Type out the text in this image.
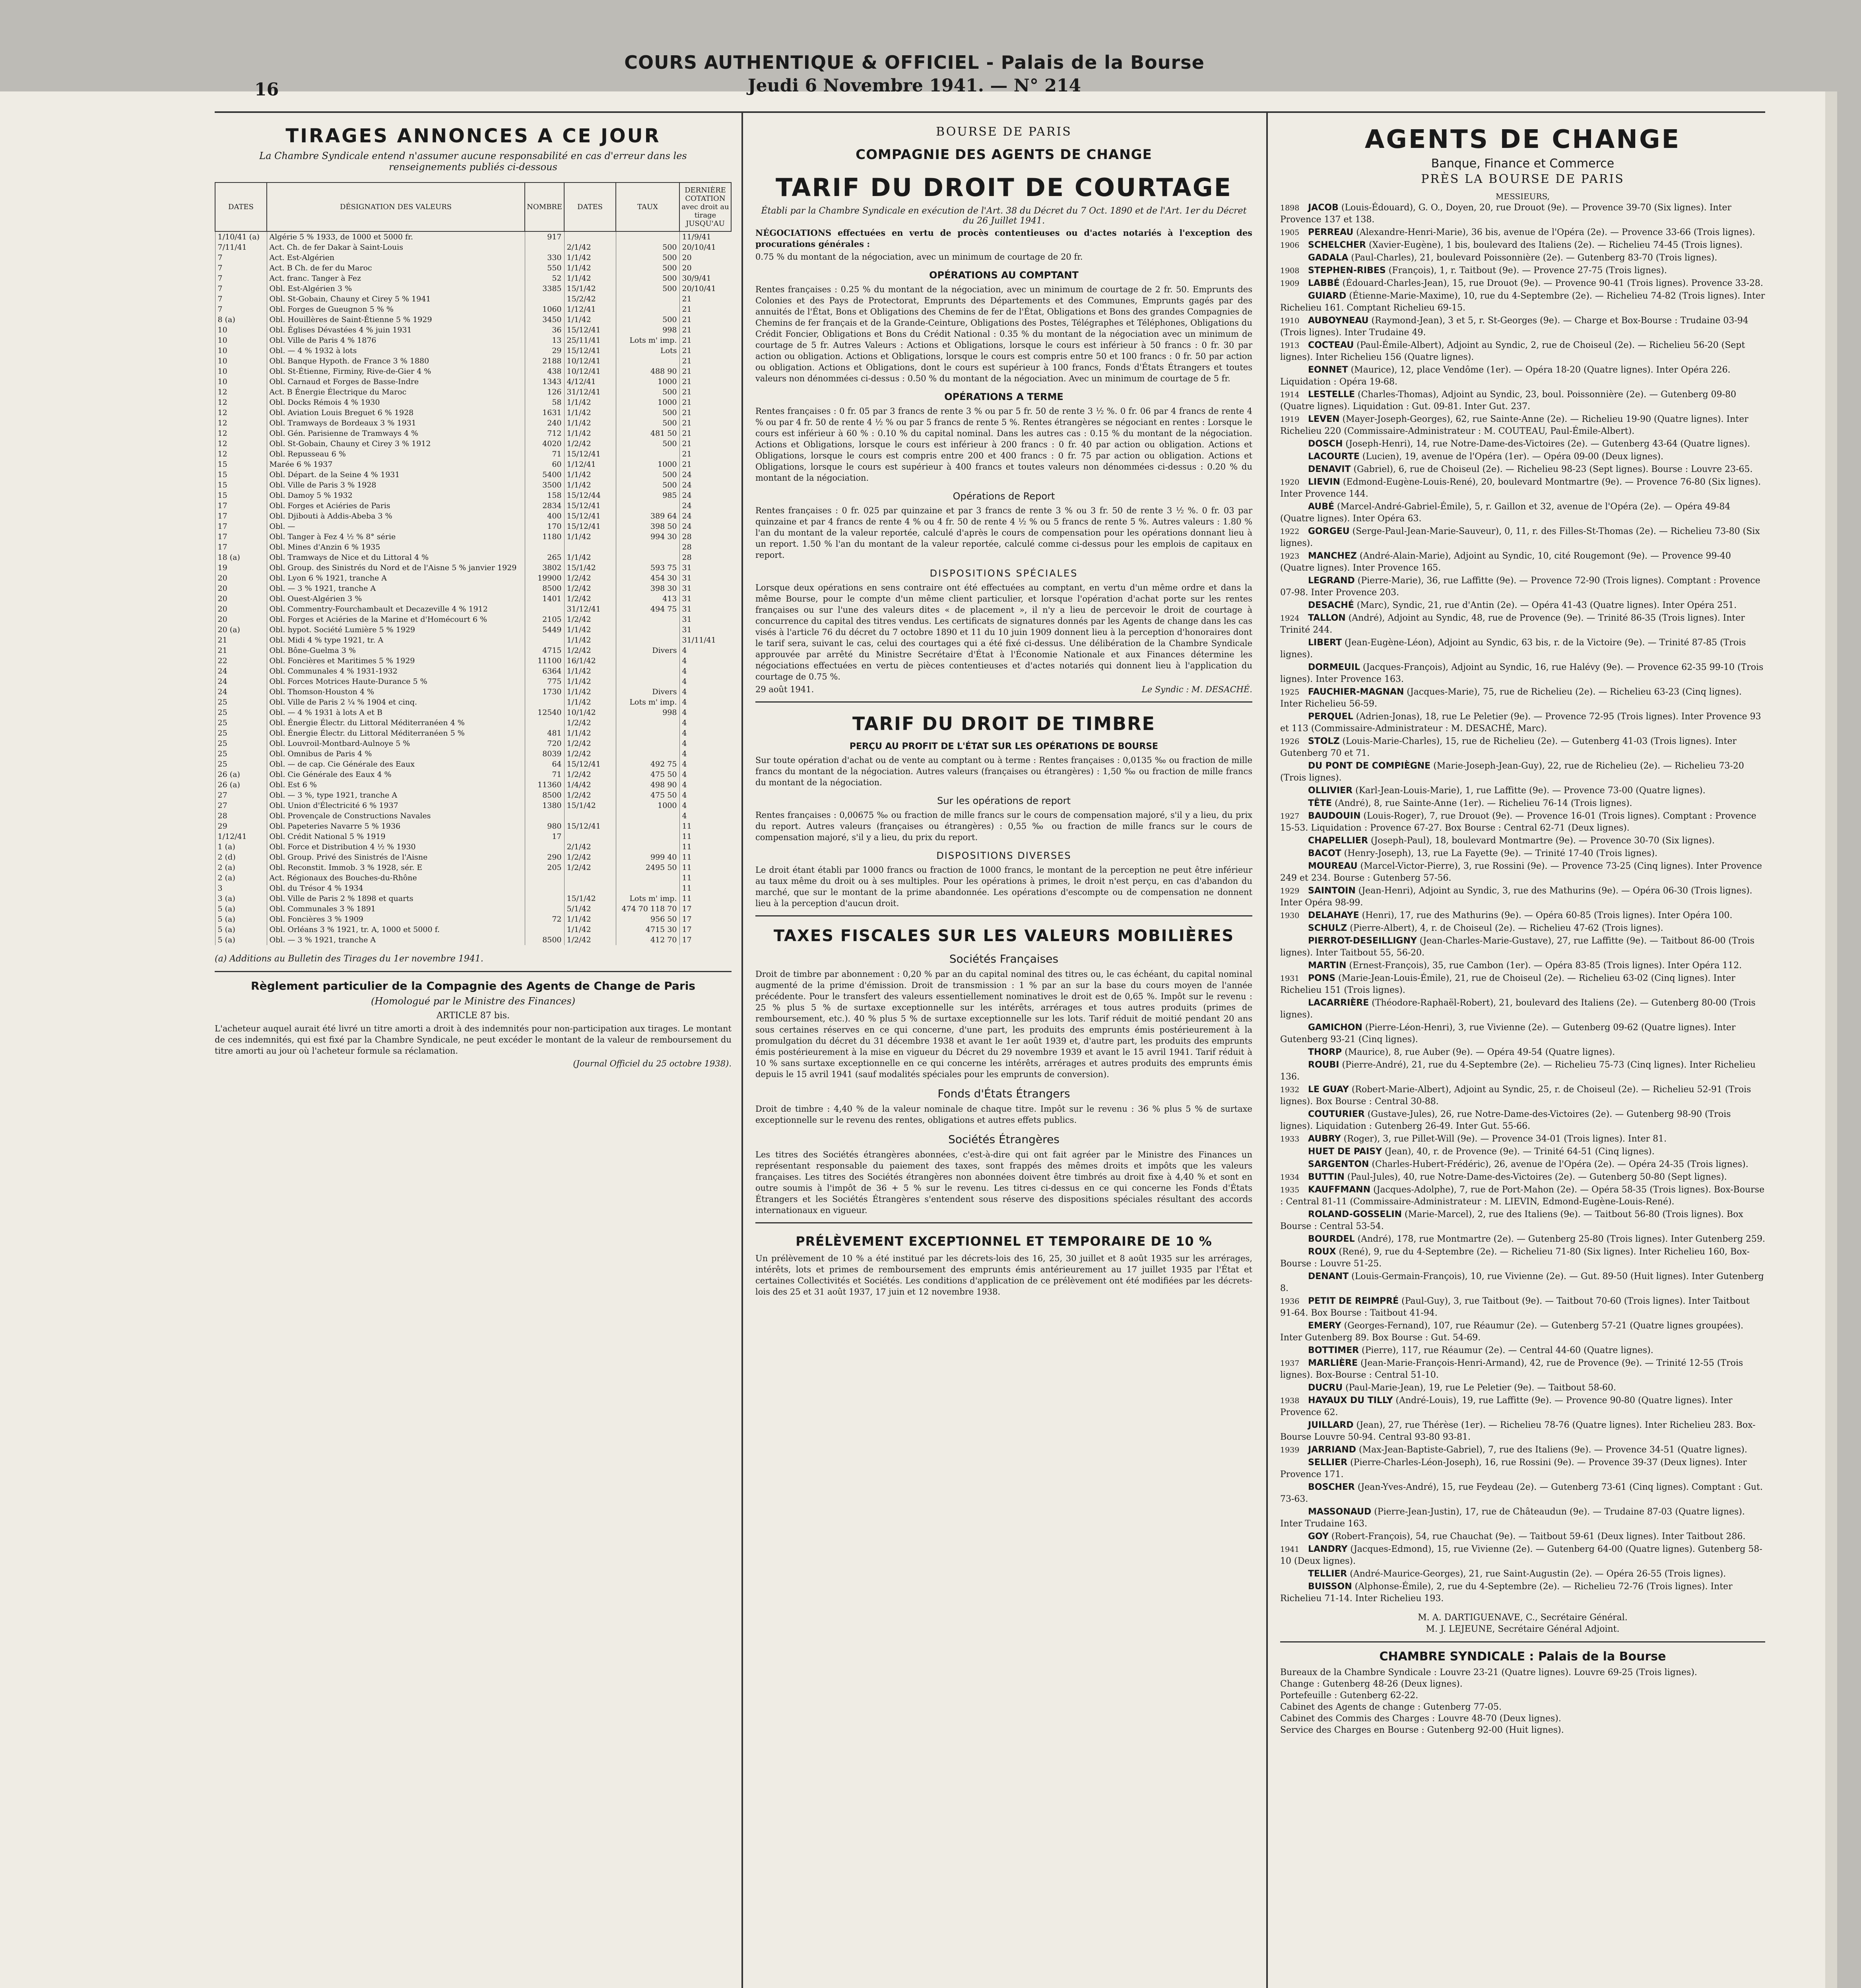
COURS AUTHENTIQUE & OFFICIEL - Palais de la Bourse
Jeudi 6 Novembre 1941. — N° 214
16
TIRAGES ANNONCES A CE JOUR
La Chambre Syndicale entend n'assumer aucune responsabilité en cas d'erreur dans les renseignements publiés ci-dessous
DATES	DÉSIGNATION DES VALEURS	NOMBRE	DATES	TAUX	DERNIÈRE COTATION avec droit au tirage JUSQU'AU
1/10/41 (a)	Algérie 5 % 1933, de 1000 et 5000 fr.	917			11/9/41
7/11/41	Act. Ch. de fer Dakar à Saint-Louis		2/1/42	500	20/10/41
7	Act. Est-Algérien	330	1/1/42	500	20
7	Act. B Ch. de fer du Maroc	550	1/1/42	500	20
7	Act. franc. Tanger à Fez	52	1/1/42	500	30/9/41
7	Obl. Est-Algérien 3 %	3385	15/1/42	500	20/10/41
7	Obl. St-Gobain, Chauny et Cirey 5 % 1941		15/2/42		21
7	Obl. Forges de Gueugnon 5 % %	1060	1/12/41		21
8 (a)	Obl. Houillères de Saint-Étienne 5 % 1929	3450	1/1/42	500	21
10	Obl. Églises Dévastées 4 % juin 1931	36	15/12/41	998	21
10	Obl. Ville de Paris 4 % 1876	13	25/11/41	Lots m' imp.	21
10	Obl. — 4 % 1932 à lots	29	15/12/41	Lots	21
10	Obl. Banque Hypoth. de France 3 % 1880	2188	10/12/41		21
10	Obl. St-Étienne, Firminy, Rive-de-Gier 4 %	438	10/12/41	488 90	21
10	Obl. Carnaud et Forges de Basse-Indre	1343	4/12/41	1000	21
12	Act. B Énergie Électrique du Maroc	126	31/12/41	500	21
12	Obl. Docks Rémois 4 % 1930	58	1/1/42	1000	21
12	Obl. Aviation Louis Breguet 6 % 1928	1631	1/1/42	500	21
12	Obl. Tramways de Bordeaux 3 % 1931	240	1/1/42	500	21
12	Obl. Gén. Parisienne de Tramways 4 %	712	1/1/42	481 50	21
12	Obl. St-Gobain, Chauny et Cirey 3 % 1912	4020	1/2/42	500	21
12	Obl. Repusseau 6 %	71	15/12/41		21
15	Marée 6 % 1937	60	1/12/41	1000	21
15	Obl. Départ. de la Seine 4 % 1931	5400	1/1/42	500	24
15	Obl. Ville de Paris 3 % 1928	3500	1/1/42	500	24
15	Obl. Damoy 5 % 1932	158	15/12/44	985	24
17	Obl. Forges et Aciéries de Paris	2834	15/12/41		24
17	Obl. Djibouti à Addis-Abeba 3 %	400	15/12/41	389 64	24
17	Obl. —	170	15/12/41	398 50	24
17	Obl. Tanger à Fez 4 ½ % 8° série	1180	1/1/42	994 30	28
17	Obl. Mines d'Anzin 6 % 1935				28
18 (a)	Obl. Tramways de Nice et du Littoral 4 %	265	1/1/42		28
19	Obl. Group. des Sinistrés du Nord et de l'Aisne 5 % janvier 1929	3802	15/1/42	593 75	31
20	Obl. Lyon 6 % 1921, tranche A	19900	1/2/42	454 30	31
20	Obl. — 3 % 1921, tranche A	8500	1/2/42	398 30	31
20	Obl. Ouest-Algérien 3 %	1401	1/2/42	413	31
20	Obl. Commentry-Fourchambault et Decazeville 4 % 1912		31/12/41	494 75	31
20	Obl. Forges et Aciéries de la Marine et d'Homécourt 6 %	2105	1/2/42		31
20 (a)	Obl. hypot. Société Lumière 5 % 1929	5449	1/1/42		31
21	Obl. Midi 4 % type 1921, tr. A		1/1/42		31/11/41
21	Obl. Bône-Guelma 3 %	4715	1/2/42	Divers	4
22	Obl. Foncières et Maritimes 5 % 1929	11100	16/1/42		4
24	Obl. Communales 4 % 1931-1932	6364	1/1/42		4
24	Obl. Forces Motrices Haute-Durance 5 %	775	1/1/42		4
24	Obl. Thomson-Houston 4 %	1730	1/1/42	Divers	4
25	Obl. Ville de Paris 2 ¼ % 1904 et cinq.		1/1/42	Lots m' imp.	4
25	Obl. — 4 % 1931 à lots A et B	12540	10/1/42	998	4
25	Obl. Énergie Électr. du Littoral Méditerranéen 4 %		1/2/42		4
25	Obl. Énergie Électr. du Littoral Méditerranéen 5 %	481	1/1/42		4
25	Obl. Louvroil-Montbard-Aulnoye 5 %	720	1/2/42		4
25	Obl. Omnibus de Paris 4 %	8039	1/2/42		4
25	Obl. — de cap. Cie Générale des Eaux	64	15/12/41	492 75	4
26 (a)	Obl. Cie Générale des Eaux 4 %	71	1/2/42	475 50	4
26 (a)	Obl. Est 6 %	11360	1/4/42	498 90	4
27	Obl. — 3 %, type 1921, tranche A	8500	1/2/42	475 50	4
27	Obl. Union d'Électricité 6 % 1937	1380	15/1/42	1000	4
28	Obl. Provençale de Constructions Navales				4
29	Obl. Papeteries Navarre 5 % 1936	980	15/12/41		11
1/12/41	Obl. Crédit National 5 % 1919	17			11
1 (a)	Obl. Force et Distribution 4 ½ % 1930		2/1/42		11
2 (d)	Obl. Group. Privé des Sinistrés de l'Aisne	290	1/2/42	999 40	11
2 (a)	Obl. Reconstit. Immob. 3 % 1928, sér. E	205	1/2/42	2495 50	11
2 (a)	Act. Régionaux des Bouches-du-Rhône				11
3	Obl. du Trésor 4 % 1934				11
3 (a)	Obl. Ville de Paris 2 % 1898 et quarts		15/1/42	Lots m' imp.	11
5 (a)	Obl. Communales 3 % 1891		5/1/42	474 70 118 70	17
5 (a)	Obl. Foncières 3 % 1909	72	1/1/42	956 50	17
5 (a)	Obl. Orléans 3 % 1921, tr. A, 1000 et 5000 f.		1/1/42	4715 30	17
5 (a)	Obl. — 3 % 1921, tranche A	8500	1/2/42	412 70	17
(a) Additions au Bulletin des Tirages du 1er novembre 1941.
Règlement particulier de la Compagnie des Agents de Change de Paris
(Homologué par le Ministre des Finances)
ARTICLE 87 bis.
L'acheteur auquel aurait été livré un titre amorti a droit à des indemnités pour non-participation aux tirages. Le montant de ces indemnités, qui est fixé par la Chambre Syndicale, ne peut excéder le montant de la valeur de remboursement du titre amorti au jour où l'acheteur formule sa réclamation.
(Journal Officiel du 25 octobre 1938).
BOURSE DE PARIS
COMPAGNIE DES AGENTS DE CHANGE
TARIF DU DROIT DE COURTAGE
Établi par la Chambre Syndicale en exécution de l'Art. 38 du Décret du 7 Oct. 1890 et de l'Art. 1er du Décret du 26 Juillet 1941.
NÉGOCIATIONS effectuées en vertu de procès contentieuses ou d'actes notariés à l'exception des procurations générales :
0.75 % du montant de la négociation, avec un minimum de courtage de 20 fr.
OPÉRATIONS AU COMPTANT
Rentes françaises : 0.25 % du montant de la négociation, avec un minimum de courtage de 2 fr. 50. Emprunts des Colonies et des Pays de Protectorat, Emprunts des Départements et des Communes, Emprunts gagés par des annuités de l'État, Bons et Obligations des Chemins de fer de l'État, Obligations et Bons des grandes Compagnies de Chemins de fer français et de la Grande-Ceinture, Obligations des Postes, Télégraphes et Téléphones, Obligations du Crédit Foncier, Obligations et Bons du Crédit National : 0.35 % du montant de la négociation avec un minimum de courtage de 5 fr. Autres Valeurs : Actions et Obligations, lorsque le cours est inférieur à 50 francs : 0 fr. 30 par action ou obligation. Actions et Obligations, lorsque le cours est compris entre 50 et 100 francs : 0 fr. 50 par action ou obligation. Actions et Obligations, dont le cours est supérieur à 100 francs, Fonds d'États Étrangers et toutes valeurs non dénommées ci-dessus : 0.50 % du montant de la négociation. Avec un minimum de courtage de 5 fr.
OPÉRATIONS A TERME
Rentes françaises : 0 fr. 05 par 3 francs de rente 3 % ou par 5 fr. 50 de rente 3 ½ %. 0 fr. 06 par 4 francs de rente 4 % ou par 4 fr. 50 de rente 4 ½ % ou par 5 francs de rente 5 %. Rentes étrangères se négociant en rentes : Lorsque le cours est inférieur à 60 % : 0.10 % du capital nominal. Dans les autres cas : 0.15 % du montant de la négociation. Actions et Obligations, lorsque le cours est inférieur à 200 francs : 0 fr. 40 par action ou obligation. Actions et Obligations, lorsque le cours est compris entre 200 et 400 francs : 0 fr. 75 par action ou obligation. Actions et Obligations, lorsque le cours est supérieur à 400 francs et toutes valeurs non dénommées ci-dessus : 0.20 % du montant de la négociation.
Opérations de Report
Rentes françaises : 0 fr. 025 par quinzaine et par 3 francs de rente 3 % ou 3 fr. 50 de rente 3 ½ %. 0 fr. 03 par quinzaine et par 4 francs de rente 4 % ou 4 fr. 50 de rente 4 ½ % ou 5 francs de rente 5 %. Autres valeurs : 1.80 % l'an du montant de la valeur reportée, calculé d'après le cours de compensation pour les opérations donnant lieu à un report. 1.50 % l'an du montant de la valeur reportée, calculé comme ci-dessus pour les emplois de capitaux en report.
DISPOSITIONS SPÉCIALES
Lorsque deux opérations en sens contraire ont été effectuées au comptant, en vertu d'un même ordre et dans la même Bourse, pour le compte d'un même client particulier, et lorsque l'opération d'achat porte sur les rentes françaises ou sur l'une des valeurs dites « de placement », il n'y a lieu de percevoir le droit de courtage à concurrence du capital des titres vendus. Les certificats de signatures donnés par les Agents de change dans les cas visés à l'article 76 du décret du 7 octobre 1890 et 11 du 10 juin 1909 donnent lieu à la perception d'honoraires dont le tarif sera, suivant le cas, celui des courtages qui a été fixé ci-dessus. Une délibération de la Chambre Syndicale approuvée par arrêté du Ministre Secrétaire d'État à l'Économie Nationale et aux Finances détermine les négociations effectuées en vertu de pièces contentieuses et d'actes notariés qui donnent lieu à l'application du courtage de 0.75 %.
29 août 1941.	Le Syndic : M. DESACHÉ.
TARIF DU DROIT DE TIMBRE
PERÇU AU PROFIT DE L'ÉTAT SUR LES OPÉRATIONS DE BOURSE
Sur toute opération d'achat ou de vente au comptant ou à terme : Rentes françaises : 0,0135 ‰ ou fraction de mille francs du montant de la négociation. Autres valeurs (françaises ou étrangères) : 1,50 ‰ ou fraction de mille francs du montant de la négociation.
Sur les opérations de report
Rentes françaises : 0,00675 ‰ ou fraction de mille francs sur le cours de compensation majoré, s'il y a lieu, du prix du report. Autres valeurs (françaises ou étrangères) : 0,55 ‰ ou fraction de mille francs sur le cours de compensation majoré, s'il y a lieu, du prix du report.
DISPOSITIONS DIVERSES
Le droit étant établi par 1000 francs ou fraction de 1000 francs, le montant de la perception ne peut être inférieur au taux même du droit ou à ses multiples. Pour les opérations à primes, le droit n'est perçu, en cas d'abandon du marché, que sur le montant de la prime abandonnée. Les opérations d'escompte ou de compensation ne donnent lieu à la perception d'aucun droit.
TAXES FISCALES SUR LES VALEURS MOBILIÈRES
Sociétés Françaises
Droit de timbre par abonnement : 0,20 % par an du capital nominal des titres ou, le cas échéant, du capital nominal augmenté de la prime d'émission. Droit de transmission : 1 % par an sur la base du cours moyen de l'année précédente. Pour le transfert des valeurs essentiellement nominatives le droit est de 0,65 %. Impôt sur le revenu : 25 % plus 5 % de surtaxe exceptionnelle sur les intérêts, arrérages et tous autres produits (primes de remboursement, etc.). 40 % plus 5 % de surtaxe exceptionnelle sur les lots. Tarif réduit de moitié pendant 20 ans sous certaines réserves en ce qui concerne, d'une part, les produits des emprunts émis postérieurement à la promulgation du décret du 31 décembre 1938 et avant le 1er août 1939 et, d'autre part, les produits des emprunts émis postérieurement à la mise en vigueur du Décret du 29 novembre 1939 et avant le 15 avril 1941. Tarif réduit à 10 % sans surtaxe exceptionnelle en ce qui concerne les intérêts, arrérages et autres produits des emprunts émis depuis le 15 avril 1941 (sauf modalités spéciales pour les emprunts de conversion).
Fonds d'États Étrangers
Droit de timbre : 4,40 % de la valeur nominale de chaque titre. Impôt sur le revenu : 36 % plus 5 % de surtaxe exceptionnelle sur le revenu des rentes, obligations et autres effets publics.
Sociétés Étrangères
Les titres des Sociétés étrangères abonnées, c'est-à-dire qui ont fait agréer par le Ministre des Finances un représentant responsable du paiement des taxes, sont frappés des mêmes droits et impôts que les valeurs françaises. Les titres des Sociétés étrangères non abonnées doivent être timbrés au droit fixe à 4,40 % et sont en outre soumis à l'impôt de 36 + 5 % sur le revenu. Les titres ci-dessus en ce qui concerne les Fonds d'États Étrangers et les Sociétés Étrangères s'entendent sous réserve des dispositions spéciales résultant des accords internationaux en vigueur.
PRÉLÈVEMENT EXCEPTIONNEL ET TEMPORAIRE DE 10 %
Un prélèvement de 10 % a été institué par les décrets-lois des 16, 25, 30 juillet et 8 août 1935 sur les arrérages, intérêts, lots et primes de remboursement des emprunts émis antérieurement au 17 juillet 1935 par l'État et certaines Collectivités et Sociétés. Les conditions d'application de ce prélèvement ont été modifiées par les décrets-lois des 25 et 31 août 1937, 17 juin et 12 novembre 1938.
AGENTS DE CHANGE
Banque, Finance et Commerce
PRÈS LA BOURSE DE PARIS
MESSIEURS,
1898 JACOB (Louis-Édouard), G. O., Doyen, 20, rue Drouot (9e). — Provence 39-70 (Six lignes). Inter Provence 137 et 138.
1905 PERREAU (Alexandre-Henri-Marie), 36 bis, avenue de l'Opéra (2e). — Provence 33-66 (Trois lignes).
1906 SCHELCHER (Xavier-Eugène), 1 bis, boulevard des Italiens (2e). — Richelieu 74-45 (Trois lignes).
GADALA (Paul-Charles), 21, boulevard Poissonnière (2e). — Gutenberg 83-70 (Trois lignes).
1908 STEPHEN-RIBES (François), 1, r. Taitbout (9e). — Provence 27-75 (Trois lignes).
1909 LABBÉ (Édouard-Charles-Jean), 15, rue Drouot (9e). — Provence 90-41 (Trois lignes). Provence 33-28.
GUIARD (Étienne-Marie-Maxime), 10, rue du 4-Septembre (2e). — Richelieu 74-82 (Trois lignes). Inter Richelieu 161. Comptant Richelieu 69-15.
1910 AUBOYNEAU (Raymond-Jean), 3 et 5, r. St-Georges (9e). — Charge et Box-Bourse : Trudaine 03-94 (Trois lignes). Inter Trudaine 49.
1913 COCTEAU (Paul-Émile-Albert), Adjoint au Syndic, 2, rue de Choiseul (2e). — Richelieu 56-20 (Sept lignes). Inter Richelieu 156 (Quatre lignes).
EONNET (Maurice), 12, place Vendôme (1er). — Opéra 18-20 (Quatre lignes). Inter Opéra 226. Liquidation : Opéra 19-68.
1914 LESTELLE (Charles-Thomas), Adjoint au Syndic, 23, boul. Poissonnière (2e). — Gutenberg 09-80 (Quatre lignes). Liquidation : Gut. 09-81. Inter Gut. 237.
1919 LEVEN (Mayer-Joseph-Georges), 62, rue Sainte-Anne (2e). — Richelieu 19-90 (Quatre lignes). Inter Richelieu 220 (Commissaire-Administrateur : M. COUTEAU, Paul-Émile-Albert).
DOSCH (Joseph-Henri), 14, rue Notre-Dame-des-Victoires (2e). — Gutenberg 43-64 (Quatre lignes).
LACOURTE (Lucien), 19, avenue de l'Opéra (1er). — Opéra 09-00 (Deux lignes).
DENAVIT (Gabriel), 6, rue de Choiseul (2e). — Richelieu 98-23 (Sept lignes). Bourse : Louvre 23-65.
1920 LIEVIN (Edmond-Eugène-Louis-René), 20, boulevard Montmartre (9e). — Provence 76-80 (Six lignes). Inter Provence 144.
AUBÉ (Marcel-André-Gabriel-Émile), 5, r. Gaillon et 32, avenue de l'Opéra (2e). — Opéra 49-84 (Quatre lignes). Inter Opéra 63.
1922 GORGEU (Serge-Paul-Jean-Marie-Sauveur), 0, 11, r. des Filles-St-Thomas (2e). — Richelieu 73-80 (Six lignes).
1923 MANCHEZ (André-Alain-Marie), Adjoint au Syndic, 10, cité Rougemont (9e). — Provence 99-40 (Quatre lignes). Inter Provence 165.
LEGRAND (Pierre-Marie), 36, rue Laffitte (9e). — Provence 72-90 (Trois lignes). Comptant : Provence 07-98. Inter Provence 203.
DESACHÉ (Marc), Syndic, 21, rue d'Antin (2e). — Opéra 41-43 (Quatre lignes). Inter Opéra 251.
1924 TALLON (André), Adjoint au Syndic, 48, rue de Provence (9e). — Trinité 86-35 (Trois lignes). Inter Trinité 244.
LIBERT (Jean-Eugène-Léon), Adjoint au Syndic, 63 bis, r. de la Victoire (9e). — Trinité 87-85 (Trois lignes).
DORMEUIL (Jacques-François), Adjoint au Syndic, 16, rue Halévy (9e). — Provence 62-35 99-10 (Trois lignes). Inter Provence 163.
1925 FAUCHIER-MAGNAN (Jacques-Marie), 75, rue de Richelieu (2e). — Richelieu 63-23 (Cinq lignes). Inter Richelieu 56-59.
PERQUEL (Adrien-Jonas), 18, rue Le Peletier (9e). — Provence 72-95 (Trois lignes). Inter Provence 93 et 113 (Commissaire-Administrateur : M. DESACHÉ, Marc).
1926 STOLZ (Louis-Marie-Charles), 15, rue de Richelieu (2e). — Gutenberg 41-03 (Trois lignes). Inter Gutenberg 70 et 71.
DU PONT DE COMPIÈGNE (Marie-Joseph-Jean-Guy), 22, rue de Richelieu (2e). — Richelieu 73-20 (Trois lignes).
OLLIVIER (Karl-Jean-Louis-Marie), 1, rue Laffitte (9e). — Provence 73-00 (Quatre lignes).
TÊTE (André), 8, rue Sainte-Anne (1er). — Richelieu 76-14 (Trois lignes).
1927 BAUDOUIN (Louis-Roger), 7, rue Drouot (9e). — Provence 16-01 (Trois lignes). Comptant : Provence 15-53. Liquidation : Provence 67-27. Box Bourse : Central 62-71 (Deux lignes).
CHAPELLIER (Joseph-Paul), 18, boulevard Montmartre (9e). — Provence 30-70 (Six lignes).
BACOT (Henry-Joseph), 13, rue La Fayette (9e). — Trinité 17-40 (Trois lignes).
MOUREAU (Marcel-Victor-Pierre), 3, rue Rossini (9e). — Provence 73-25 (Cinq lignes). Inter Provence 249 et 234. Bourse : Gutenberg 57-56.
1929 SAINTOIN (Jean-Henri), Adjoint au Syndic, 3, rue des Mathurins (9e). — Opéra 06-30 (Trois lignes). Inter Opéra 98-99.
1930 DELAHAYE (Henri), 17, rue des Mathurins (9e). — Opéra 60-85 (Trois lignes). Inter Opéra 100.
SCHULZ (Pierre-Albert), 4, r. de Choiseul (2e). — Richelieu 47-62 (Trois lignes).
PIERROT-DESEILLIGNY (Jean-Charles-Marie-Gustave), 27, rue Laffitte (9e). — Taitbout 86-00 (Trois lignes). Inter Taitbout 55, 56-20.
MARTIN (Ernest-François), 35, rue Cambon (1er). — Opéra 83-85 (Trois lignes). Inter Opéra 112.
1931 PONS (Marie-Jean-Louis-Émile), 21, rue de Choiseul (2e). — Richelieu 63-02 (Cinq lignes). Inter Richelieu 151 (Trois lignes).
LACARRIÈRE (Théodore-Raphaël-Robert), 21, boulevard des Italiens (2e). — Gutenberg 80-00 (Trois lignes).
GAMICHON (Pierre-Léon-Henri), 3, rue Vivienne (2e). — Gutenberg 09-62 (Quatre lignes). Inter Gutenberg 93-21 (Cinq lignes).
THORP (Maurice), 8, rue Auber (9e). — Opéra 49-54 (Quatre lignes).
ROUBI (Pierre-André), 21, rue du 4-Septembre (2e). — Richelieu 75-73 (Cinq lignes). Inter Richelieu 136.
1932 LE GUAY (Robert-Marie-Albert), Adjoint au Syndic, 25, r. de Choiseul (2e). — Richelieu 52-91 (Trois lignes). Box Bourse : Central 30-88.
COUTURIER (Gustave-Jules), 26, rue Notre-Dame-des-Victoires (2e). — Gutenberg 98-90 (Trois lignes). Liquidation : Gutenberg 26-49. Inter Gut. 55-66.
1933 AUBRY (Roger), 3, rue Pillet-Will (9e). — Provence 34-01 (Trois lignes). Inter 81.
HUET DE PAISY (Jean), 40, r. de Provence (9e). — Trinité 64-51 (Cinq lignes).
SARGENTON (Charles-Hubert-Frédéric), 26, avenue de l'Opéra (2e). — Opéra 24-35 (Trois lignes).
1934 BUTTIN (Paul-Jules), 40, rue Notre-Dame-des-Victoires (2e). — Gutenberg 50-80 (Sept lignes).
1935 KAUFFMANN (Jacques-Adolphe), 7, rue de Port-Mahon (2e). — Opéra 58-35 (Trois lignes). Box-Bourse : Central 81-11 (Commissaire-Administrateur : M. LIEVIN, Edmond-Eugène-Louis-René).
ROLAND-GOSSELIN (Marie-Marcel), 2, rue des Italiens (9e). — Taitbout 56-80 (Trois lignes). Box Bourse : Central 53-54.
BOURDEL (André), 178, rue Montmartre (2e). — Gutenberg 25-80 (Trois lignes). Inter Gutenberg 259.
ROUX (René), 9, rue du 4-Septembre (2e). — Richelieu 71-80 (Six lignes). Inter Richelieu 160, Box-Bourse : Louvre 51-25.
DENANT (Louis-Germain-François), 10, rue Vivienne (2e). — Gut. 89-50 (Huit lignes). Inter Gutenberg 8.
1936 PETIT DE REIMPRÉ (Paul-Guy), 3, rue Taitbout (9e). — Taitbout 70-60 (Trois lignes). Inter Taitbout 91-64. Box Bourse : Taitbout 41-94.
EMERY (Georges-Fernand), 107, rue Réaumur (2e). — Gutenberg 57-21 (Quatre lignes groupées). Inter Gutenberg 89. Box Bourse : Gut. 54-69.
BOTTIMER (Pierre), 117, rue Réaumur (2e). — Central 44-60 (Quatre lignes).
1937 MARLIÈRE (Jean-Marie-François-Henri-Armand), 42, rue de Provence (9e). — Trinité 12-55 (Trois lignes). Box-Bourse : Central 51-10.
DUCRU (Paul-Marie-Jean), 19, rue Le Peletier (9e). — Taitbout 58-60.
1938 HAYAUX DU TILLY (André-Louis), 19, rue Laffitte (9e). — Provence 90-80 (Quatre lignes). Inter Provence 62.
JUILLARD (Jean), 27, rue Thérèse (1er). — Richelieu 78-76 (Quatre lignes). Inter Richelieu 283. Box-Bourse Louvre 50-94. Central 93-80 93-81.
1939 JARRIAND (Max-Jean-Baptiste-Gabriel), 7, rue des Italiens (9e). — Provence 34-51 (Quatre lignes).
SELLIER (Pierre-Charles-Léon-Joseph), 16, rue Rossini (9e). — Provence 39-37 (Deux lignes). Inter Provence 171.
BOSCHER (Jean-Yves-André), 15, rue Feydeau (2e). — Gutenberg 73-61 (Cinq lignes). Comptant : Gut. 73-63.
MASSONAUD (Pierre-Jean-Justin), 17, rue de Châteaudun (9e). — Trudaine 87-03 (Quatre lignes). Inter Trudaine 163.
GOY (Robert-François), 54, rue Chauchat (9e). — Taitbout 59-61 (Deux lignes). Inter Taitbout 286.
1941 LANDRY (Jacques-Edmond), 15, rue Vivienne (2e). — Gutenberg 64-00 (Quatre lignes). Gutenberg 58-10 (Deux lignes).
TELLIER (André-Maurice-Georges), 21, rue Saint-Augustin (2e). — Opéra 26-55 (Trois lignes).
BUISSON (Alphonse-Émile), 2, rue du 4-Septembre (2e). — Richelieu 72-76 (Trois lignes). Inter Richelieu 71-14. Inter Richelieu 193.
M. A. DARTIGUENAVE, C., Secrétaire Général.
M. J. LEJEUNE, Secrétaire Général Adjoint.
CHAMBRE SYNDICALE : Palais de la Bourse
Bureaux de la Chambre Syndicale : Louvre 23-21 (Quatre lignes). Louvre 69-25 (Trois lignes).
Change : Gutenberg 48-26 (Deux lignes).
Portefeuille : Gutenberg 62-22.
Cabinet des Agents de change : Gutenberg 77-05.
Cabinet des Commis des Charges : Louvre 48-70 (Deux lignes).
Service des Charges en Bourse : Gutenberg 92-00 (Huit lignes).
